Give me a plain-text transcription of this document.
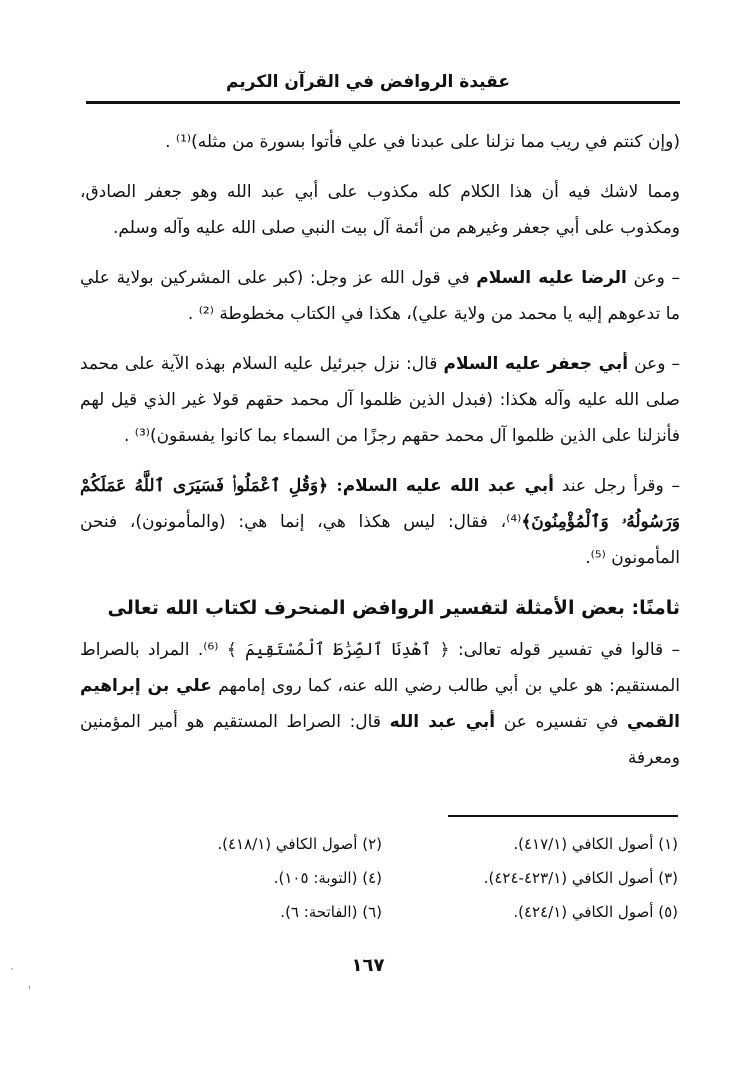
عقيدة الروافض في القرآن الكريم

(وإن كنتم في ريب مما نزلنا على عبدنا في علي فأتوا بسورة من مثله)⁽¹⁾ .

ومما لاشك فيه أن هذا الكلام كله مكذوب على أبي عبد الله وهو جعفر الصادق، ومكذوب على أبي جعفر وغيرهم من أئمة آل بيت النبي صلى الله عليه وآله وسلم.

– وعن الرضا عليه السلام في قول الله عز وجل: (كبر على المشركين بولاية علي ما تدعوهم إليه يا محمد من ولاية علي)، هكذا في الكتاب مخطوطة ⁽²⁾ .

– وعن أبي جعفر عليه السلام قال: نزل جبرئيل عليه السلام بهذه الآية على محمد صلى الله عليه وآله هكذا: (فبدل الذين ظلموا آل محمد حقهم قولا غير الذي قيل لهم فأنزلنا على الذين ظلموا آل محمد حقهم رجزًا من السماء بما كانوا يفسقون)⁽³⁾ .

– وقرأ رجل عند أبي عبد الله عليه السلام: ﴿وَقُلِ ٱعْمَلُوا۟ فَسَيَرَى ٱللَّهُ عَمَلَكُمْ وَرَسُولُهُۥ وَٱلْمُؤْمِنُونَ﴾⁽⁴⁾، فقال: ليس هكذا هي، إنما هي: (والمأمونون)، فنحن المأمونون ⁽⁵⁾.

ثامنًا: بعض الأمثلة لتفسير الروافض المنحرف لكتاب الله تعالى

– قالوا في تفسير قوله تعالى: ﴿ ٱهْدِنَا ٱلصِّرَٰطَ ٱلْمُسْتَقِيمَ ﴾ ⁽⁶⁾. المراد بالصراط المستقيم: هو علي بن أبي طالب رضي الله عنه، كما روى إمامهم علي بن إبراهيم القمي في تفسيره عن أبي عبد الله قال: الصراط المستقيم هو أمير المؤمنين ومعرفة

(١) أصول الكافي (٤١٧/١).
(٢) أصول الكافي (٤١٨/١).
(٣) أصول الكافي (٤٢٣/١-٤٢٤).
(٤) (التوبة: ١٠٥).
(٥) أصول الكافي (٤٢٤/١).
(٦) (الفاتحة: ٦).
١٦٧
·
ˌ
